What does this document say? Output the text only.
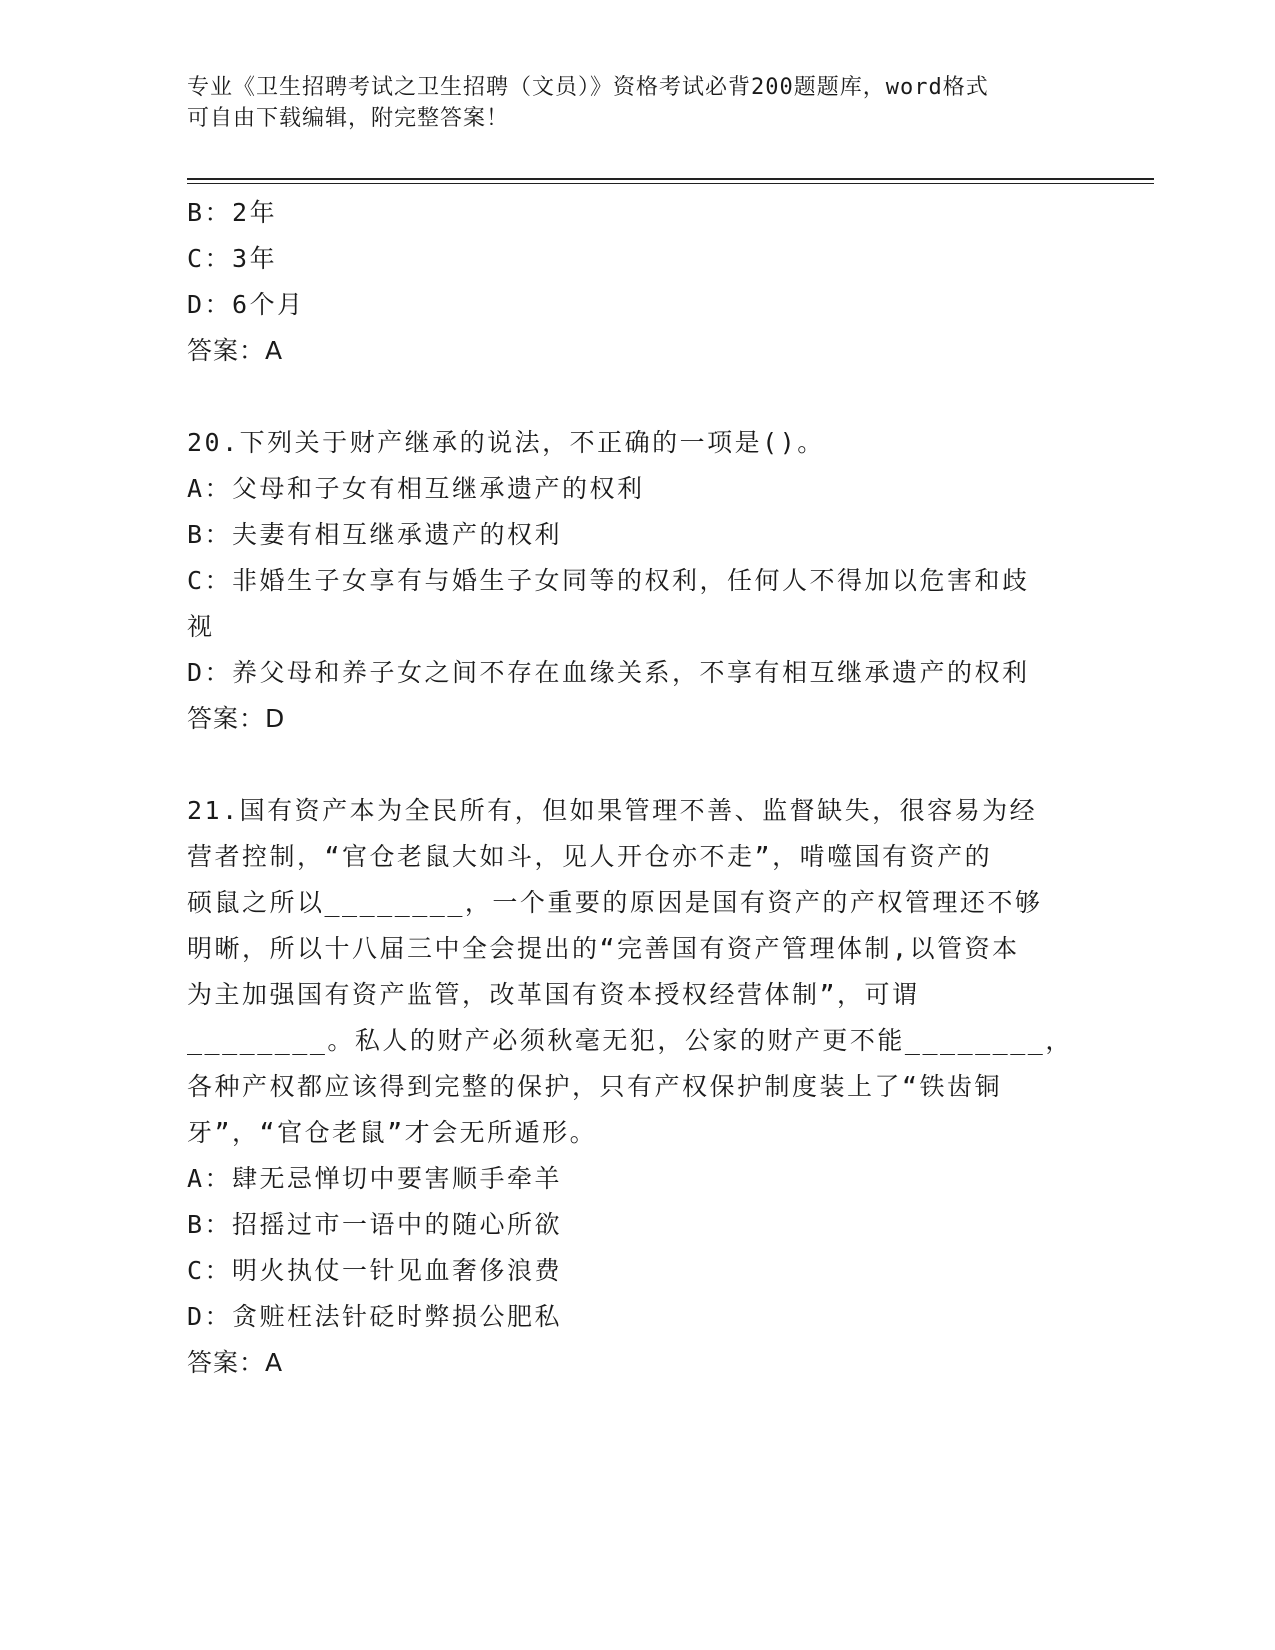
专业《卫生招聘考试之卫生招聘（文员）》资格考试必背200题题库，word格式
可自由下载编辑，附完整答案！
B：2年
C：3年
D：6个月
答案：A
20.下列关于财产继承的说法，不正确的一项是()。
A：父母和子女有相互继承遗产的权利
B：夫妻有相互继承遗产的权利
C：非婚生子女享有与婚生子女同等的权利，任何人不得加以危害和歧
视
D：养父母和养子女之间不存在血缘关系，不享有相互继承遗产的权利
答案：D
21.国有资产本为全民所有，但如果管理不善、监督缺失，很容易为经
营者控制，“官仓老鼠大如斗，见人开仓亦不走”，啃噬国有资产的
硕鼠之所以________，一个重要的原因是国有资产的产权管理还不够
明晰，所以十八届三中全会提出的“完善国有资产管理体制,以管资本
为主加强国有资产监管，改革国有资本授权经营体制”，可谓
________。私人的财产必须秋毫无犯，公家的财产更不能________，
各种产权都应该得到完整的保护，只有产权保护制度装上了“铁齿铜
牙”，“官仓老鼠”才会无所遁形。
A：肆无忌惮切中要害顺手牵羊
B：招摇过市一语中的随心所欲
C：明火执仗一针见血奢侈浪费
D：贪赃枉法针砭时弊损公肥私
答案：A
